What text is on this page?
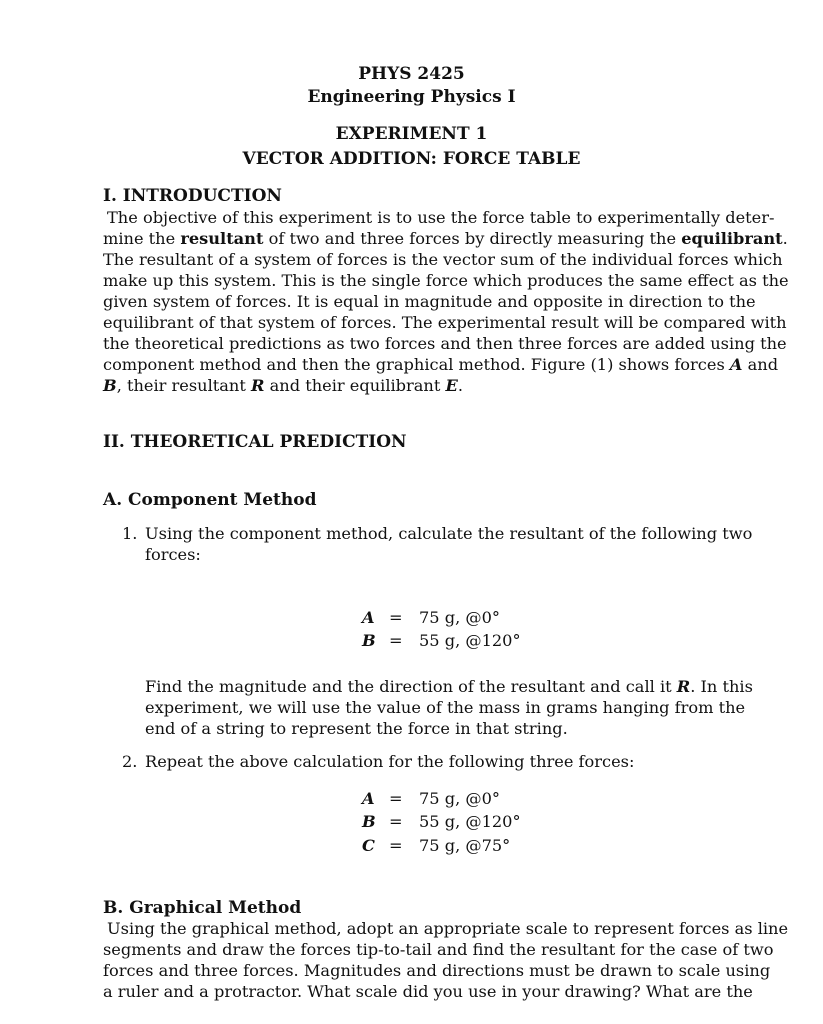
PHYS 2425
Engineering Physics I
EXPERIMENT 1
VECTOR ADDITION: FORCE TABLE
I. INTRODUCTION
The objective of this experiment is to use the force table to experimentally deter-
mine the resultant of two and three forces by directly measuring the equilibrant.
The resultant of a system of forces is the vector sum of the individual forces which
make up this system. This is the single force which produces the same effect as the
given system of forces. It is equal in magnitude and opposite in direction to the
equilibrant of that system of forces. The experimental result will be compared with
the theoretical predictions as two forces and then three forces are added using the
component method and then the graphical method. Figure (1) shows forces A and
B, their resultant R and their equilibrant E.
II. THEORETICAL PREDICTION
A. Component Method
1. Using the component method, calculate the resultant of the following two
forces:
A = 75 g, @0°
B = 55 g, @120°
Find the magnitude and the direction of the resultant and call it R. In this
experiment, we will use the value of the mass in grams hanging from the
end of a string to represent the force in that string.
2. Repeat the above calculation for the following three forces:
A = 75 g, @0°
B = 55 g, @120°
C = 75 g, @75°
B. Graphical Method
Using the graphical method, adopt an appropriate scale to represent forces as line
segments and draw the forces tip-to-tail and find the resultant for the case of two
forces and three forces. Magnitudes and directions must be drawn to scale using
a ruler and a protractor. What scale did you use in your drawing? What are the
